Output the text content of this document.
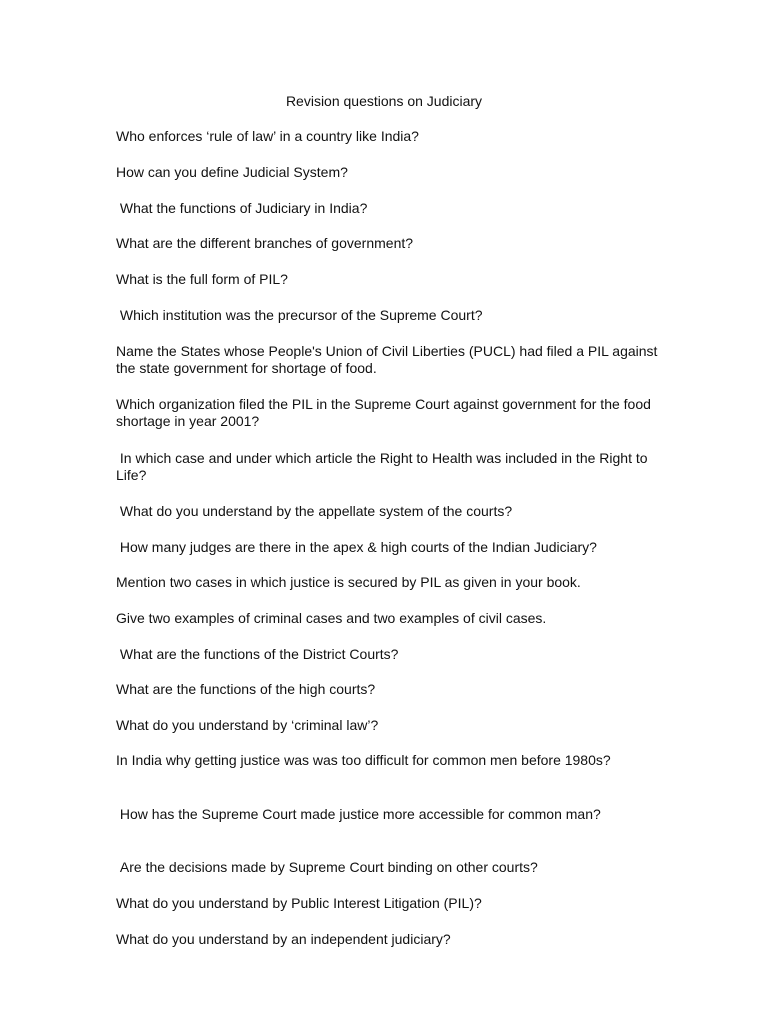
Revision questions on Judiciary
Who enforces ‘rule of law’ in a country like India?
How can you define Judicial System?
What the functions of Judiciary in India?
What are the different branches of government?
What is the full form of PIL?
Which institution was the precursor of the Supreme Court?
Name the States whose People's Union of Civil Liberties (PUCL) had filed a PIL against the state government for shortage of food.
Which organization filed the PIL in the Supreme Court against government for the food shortage in year 2001?
In which case and under which article the Right to Health was included in the Right to Life?
What do you understand by the appellate system of the courts?
How many judges are there in the apex & high courts of the Indian Judiciary?
Mention two cases in which justice is secured by PIL as given in your book.
Give two examples of criminal cases and two examples of civil cases.
What are the functions of the District Courts?
What are the functions of the high courts?
What do you understand by ‘criminal law’?
In India why getting justice was was too difficult for common men before 1980s?
How has the Supreme Court made justice more accessible for common man?
Are the decisions made by Supreme Court binding on other courts?
What do you understand by Public Interest Litigation (PIL)?
What do you understand by an independent judiciary?
